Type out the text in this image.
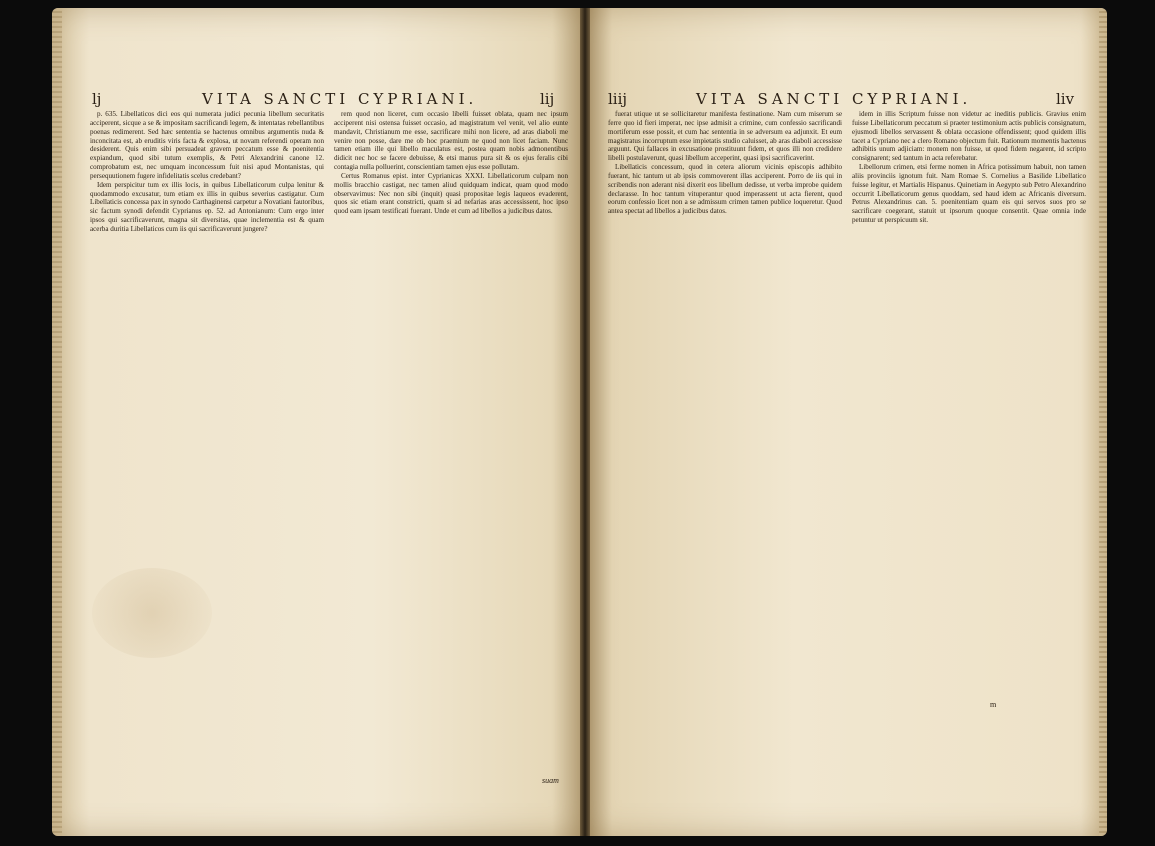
lj	VITA SANCTI CYPRIANI.	lij

p. 635. Libellaticos dici eos qui numerata judici pecunia libellum securitatis acciperent, sicque a se & impositam sacrificandi legem, & intentatas rebellantibus poenas redimerent. Sed hæc sententia se hactenus omnibus argumentis nuda & inconcitata est, ab eruditis viris facta & explosa, ut novam referendi operam non desiderent. Quis enim sibi persuadeat gravem peccatum esse & poenitentia expiandum, quod sibi tutum exemplis, & Petri Alexandrini canone 12. comprobatum est, nec umquam inconcessum fuit nisi apud Montanistas, qui persequutionem fugere infidelitatis scelus credebant?

Idem perspicitur tum ex illis locis, in quibus Libellaticorum culpa lenitur & quodammodo excusatur, tum etiam ex illis in quibus severius castigatur. Cum Libellaticis concessa pax in synodo Carthaginensi carpetur a Novatiani fautoribus, sic factum synodi defendit Cyprianus ep. 52. ad Antonianum: Cum ergo inter ipsos qui sacrificaverunt, magna sit diversitas, quae inclementia est & quam acerba duritia Libellaticos cum iis qui sacrificaverunt jungere?

rem quod non liceret, cum occasio libelli fuisset oblata, quam nec ipsum acciperent nisi ostensa fuisset occasio, ad magistratum vel venit, vel alio eunte mandavit, Christianum me esse, sacrificare mihi non licere, ad aras diaboli me venire non posse, dare me ob hoc praemium ne quod non licet faciam. Nunc tamen etiam ille qui libello maculatus est, postea quam nobis admonentibus didicit nec hoc se facere debuisse, & etsi manus pura sit & os ejus feralis cibi contagia nulla polluerint, conscientiam tamen ejus esse pollutam.

Certus Romanus epist. inter Cyprianicas XXXI. Libellaticorum culpam non mollis bracchio castigat, nec tamen aliud quidquam indicat, quam quod modo observavimus: Nec non sibi (inquit) quasi propositae legis laqueos evaderent, quos sic etiam erant constricti, quam si ad nefarias aras accessissent, hoc ipso quod eam ipsam testificati fuerant. Unde et cum ad libellos a judicibus datos.

suam
liij	VITA SANCTI CYPRIANI.	liv

fuerat utique ut se sollicitaretur manifesta festinatione. Nam cum miserum se ferre quo id fieri imperat, nec ipse admisit a crimine, cum confessio sacrificandi mortiferum esse possit, et cum hac sententia in se adversum ea adjunxit. Et eum magistratus incorruptum esse impietatis studio caluisset, ab aras diaboli accessisse arguunt. Qui fallaces in excusatione prostituunt fidem, et quos illi non credidere libelli postulaverunt, quasi libellum acceperint, quasi ipsi sacrificaverint.

Libellaticis concessum, quod in cetera aliorum vicinis episcopis adhibito fuerant, hic tantum ut ab ipsis commoverent illas acciperent. Porro de iis qui in scribendis non aderant nisi dixerit eos libellum dedisse, ut verba improbe quidem declarasse. In hoc tantum vituperantur quod imperassent ut acta fierent, quod eorum confessio licet non a se admissum crimen tamen publice loqueretur. Quod antea spectat ad libellos a judicibus datos.

idem in illis Scriptum fuisse non videtur ac ineditis publicis. Gravius enim fuisse Libellaticorum peccatum si praeter testimonium actis publicis consignatum, ejusmodi libellos servassent & oblata occasione offendissent; quod quidem illis tacet a Cypriano nec a clero Romano objectum fuit. Rationum momentis hactenus adhibitis unum adjiciam: monem non fuisse, ut quod fidem negarent, id scripto consignarent; sed tantum in acta referebatur.

Libellorum crimen, etsi ferme nomen in Africa potissimum habuit, non tamen aliis provinciis ignotum fuit. Nam Romae S. Cornelius a Basilide Libellatico fuisse legitur, et Martialis Hispanus. Quinetiam in Aegypto sub Petro Alexandrino occurrit Libellaticorum genus quoddam, sed haud idem ac Africanis diversum. Petrus Alexandrinus can. 5. poenitentiam quam eis qui servos suos pro se sacrificare coegerant, statuit ut ipsorum quoque consentit. Quae omnia inde petuntur ut perspicuum sit.

m
